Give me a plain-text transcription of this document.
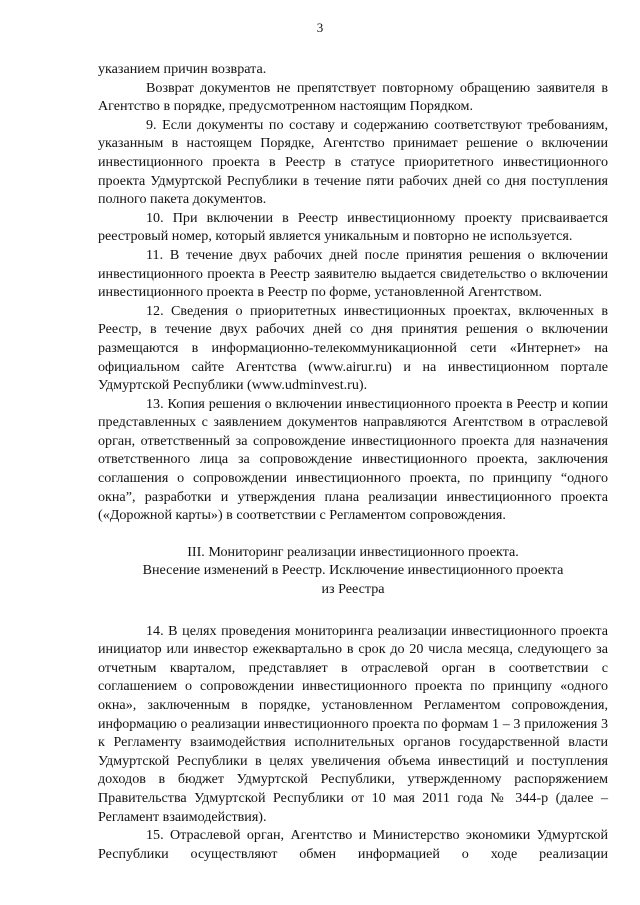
3

указанием причин возврата.

Возврат документов не препятствует повторному обращению заявителя в Агентство в порядке, предусмотренном настоящим Порядком.

9. Если документы по составу и содержанию соответствуют требованиям, указанным в настоящем Порядке, Агентство принимает решение о включении инвестиционного проекта в Реестр в статусе приоритетного инвестиционного проекта Удмуртской Республики в течение пяти рабочих дней со дня поступления полного пакета документов.

10. При включении в Реестр инвестиционному проекту присваивается реестровый номер, который является уникальным и повторно не используется.

11. В течение двух рабочих дней после принятия решения о включении инвестиционного проекта в Реестр заявителю выдается свидетельство о включении инвестиционного проекта в Реестр по форме, установленной Агентством.

12. Сведения о приоритетных инвестиционных проектах, включенных в Реестр, в течение двух рабочих дней со дня принятия решения о включении размещаются в информационно-телекоммуникационной сети «Интернет» на официальном сайте Агентства (www.airur.ru) и на инвестиционном портале Удмуртской Республики (www.udminvest.ru).

13. Копия решения о включении инвестиционного проекта в Реестр и копии представленных с заявлением документов направляются Агентством в отраслевой орган, ответственный за сопровождение инвестиционного проекта для назначения ответственного лица за сопровождение инвестиционного проекта, заключения соглашения о сопровождении инвестиционного проекта, по принципу “одного окна”, разработки и утверждения плана реализации инвестиционного проекта («Дорожной карты») в соответствии с Регламентом сопровождения.

III. Мониторинг реализации инвестиционного проекта.
Внесение изменений в Реестр. Исключение инвестиционного проекта
из Реестра

14. В целях проведения мониторинга реализации инвестиционного проекта инициатор или инвестор ежеквартально в срок до 20 числа месяца, следующего за отчетным кварталом, представляет в отраслевой орган в соответствии с соглашением о сопровождении инвестиционного проекта по принципу «одного окна», заключенным в порядке, установленном Регламентом сопровождения, информацию о реализации инвестиционного проекта по формам 1 – 3 приложения 3 к Регламенту взаимодействия исполнительных органов государственной власти Удмуртской Республики в целях увеличения объема инвестиций и поступления доходов в бюджет Удмуртской Республики, утвержденному распоряжением Правительства Удмуртской Республики от 10 мая 2011 года № 344-р (далее – Регламент взаимодействия).

15. Отраслевой орган, Агентство и Министерство экономики Удмуртской Республики осуществляют обмен информацией о ходе реализации
